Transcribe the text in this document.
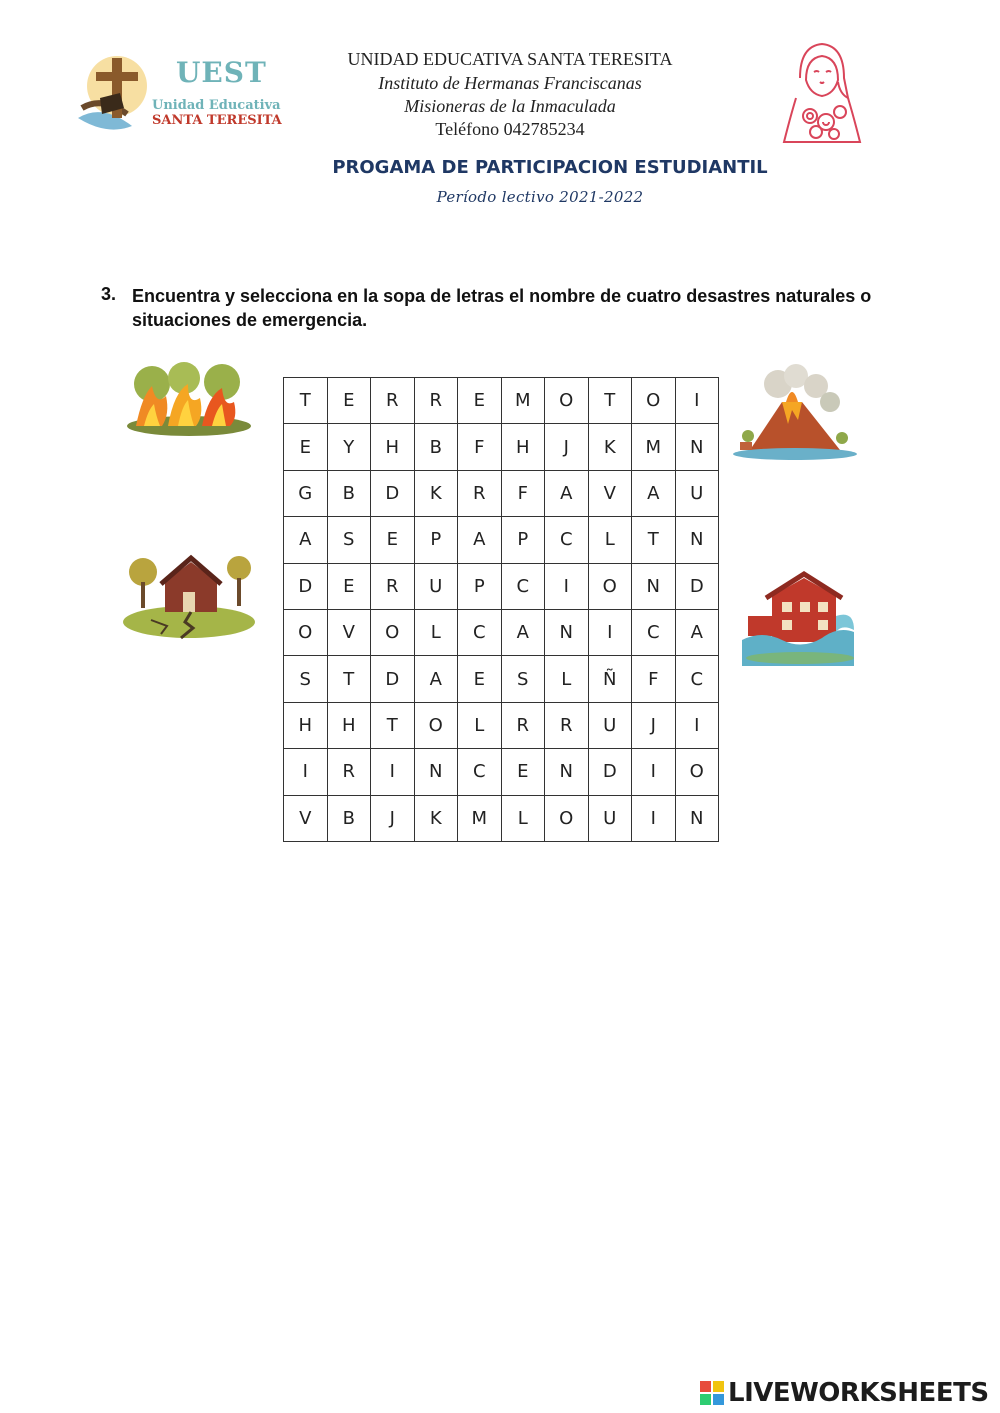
UEST
Unidad Educativa
SANTA TERESITA
UNIDAD EDUCATIVA SANTA TERESITA
Instituto de Hermanas Franciscanas
Misioneras de la Inmaculada
Teléfono 042785234
PROGAMA DE PARTICIPACION ESTUDIANTIL
Período lectivo 2021-2022
3. Encuentra y selecciona en la sopa de letras el nombre de cuatro desastres naturales o situaciones de emergencia.
T	E	R	R	E	M	O	T	O	I
E	Y	H	B	F	H	J	K	M	N
G	B	D	K	R	F	A	V	A	U
A	S	E	P	A	P	C	L	T	N
D	E	R	U	P	C	I	O	N	D
O	V	O	L	C	A	N	I	C	A
S	T	D	A	E	S	L	Ñ	F	C
H	H	T	O	L	R	R	U	J	I
I	R	I	N	C	E	N	D	I	O
V	B	J	K	M	L	O	U	I	N
LIVEWORKSHEETS
